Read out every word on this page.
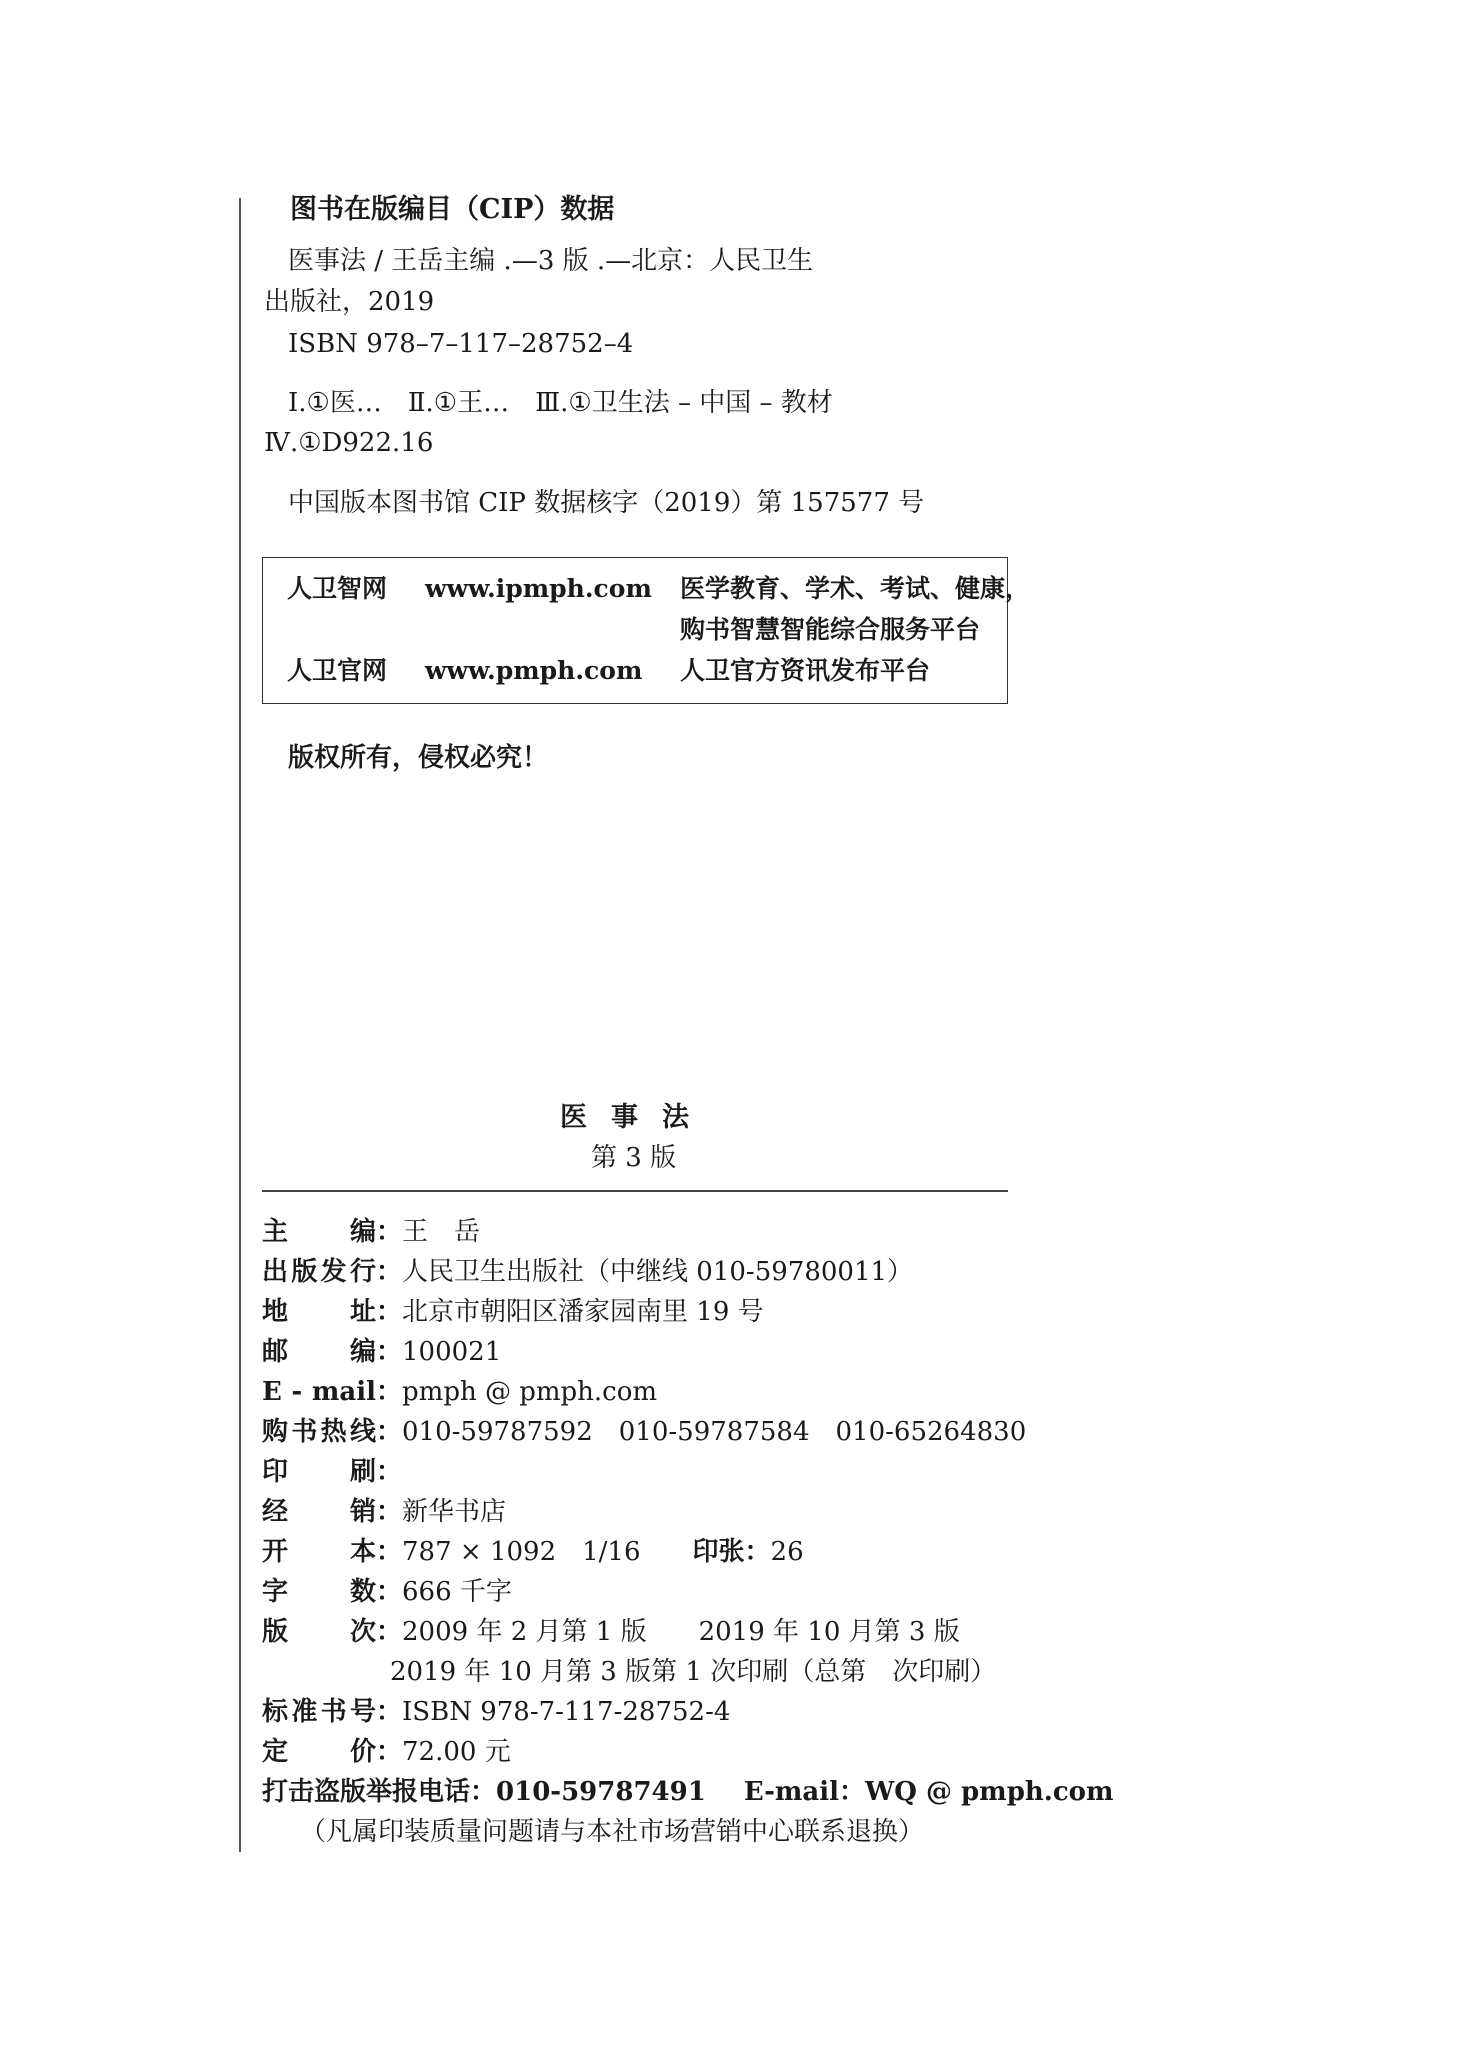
图书在版编目（CIP）数据
医事法 / 王岳主编 .—3 版 .—北京：人民卫生
出版社，2019
ISBN 978–7–117–28752–4
Ⅰ.①医…　Ⅱ.①王…　Ⅲ.①卫生法 – 中国 – 教材
Ⅳ.①D922.16
中国版本图书馆 CIP 数据核字（2019）第 157577 号
人卫智网 www.ipmph.com 医学教育、学术、考试、健康，
购书智慧智能综合服务平台
人卫官网 www.pmph.com 人卫官方资讯发布平台
版权所有，侵权必究！
医事法
第 3 版
主　编：王　岳
出版发行：人民卫生出版社（中继线 010-59780011）
地　址：北京市朝阳区潘家园南里 19 号
邮　编：100021
E - mail：pmph @ pmph.com
购书热线：010-59787592　010-59787584　010-65264830
印　刷：
经　销：新华书店
开　本：787 × 1092　1/16 印张：26
字　数：666 千字
版　次：2009 年 2 月第 1 版　　2019 年 10 月第 3 版
2019 年 10 月第 3 版第 1 次印刷（总第　次印刷）
标准书号：ISBN 978-7-117-28752-4
定　价：72.00 元
打击盗版举报电话：010-59787491 E-mail：WQ @ pmph.com
（凡属印装质量问题请与本社市场营销中心联系退换）
